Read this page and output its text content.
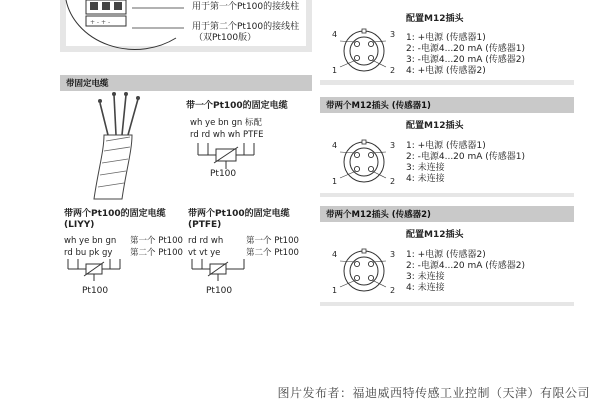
+ - + -
用于第一个Pt100的接线柱
用于第二个Pt100的接线柱
（双Pt100版）
带固定电缆
带一个Pt100的固定电缆
wh ye bn gn 标配
rd rd wh wh PTFE
Pt100
带两个Pt100的固定电缆
(LIYY)
wh ye bn gn 第一个 Pt100
rd bu pk gy 第二个 Pt100
Pt100
带两个Pt100的固定电缆
(PTFE)
rd rd wh	第一个 Pt100
vt vt ye	第二个 Pt100
Pt100
配置M12插头
1	2
3
4	1: +电源 (传感器1)
2: -电源4...20 mA (传感器1)
3: -电源4...20 mA (传感器2)
4: +电源 (传感器2)
带两个M12插头 (传感器1)
配置M12插头
1	2
3
4	1: +电源 (传感器1)
2: -电源4...20 mA (传感器1)
3: 未连接
4: 未连接
带两个M12插头 (传感器2)
配置M12插头
1	2
3
4	1: +电源 (传感器2)
2: -电源4...20 mA (传感器2)
3: 未连接
4: 未连接
图片发布者：福迪威西特传感工业控制（天津）有限公司
